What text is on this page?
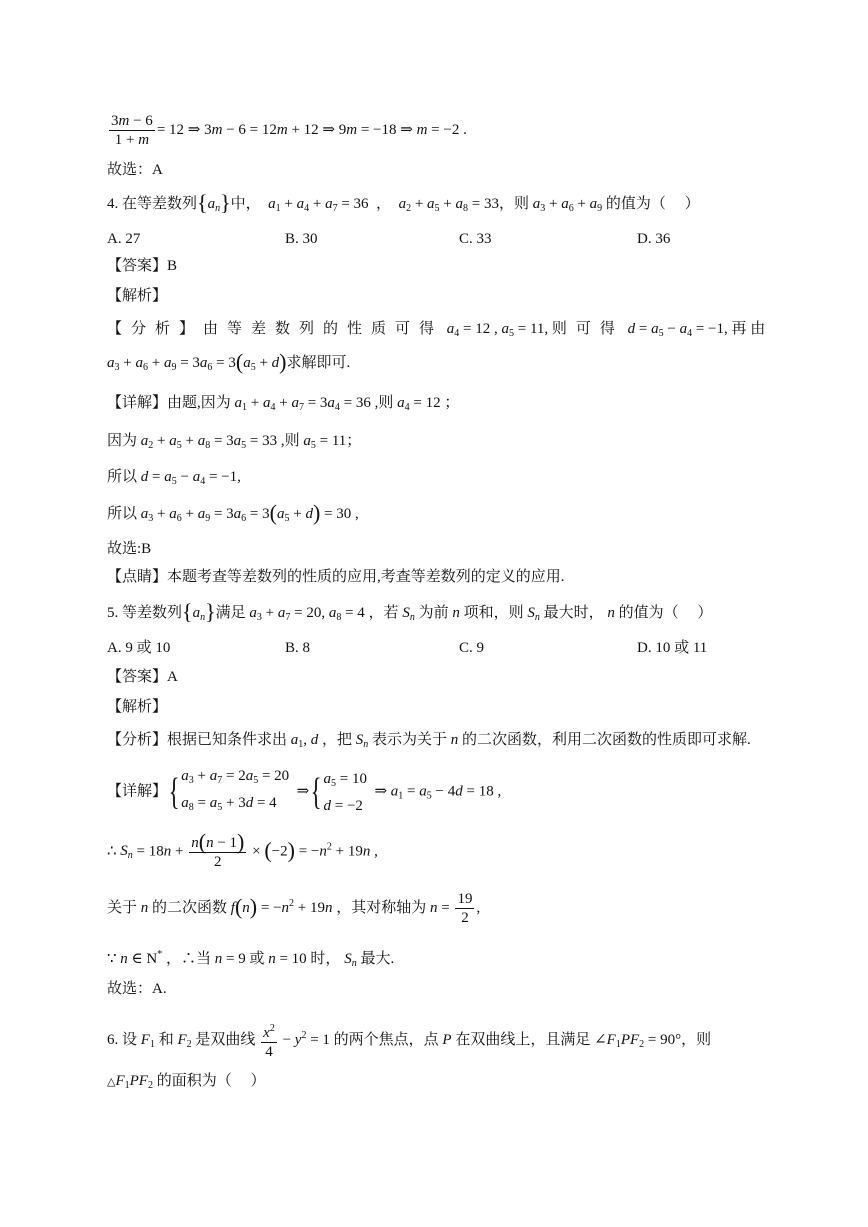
$\frac{3m - 6}{1 + m} = 12$ ⇒ 3m − 6 = 12m + 12 ⇒ 9m = −18 ⇒ m = −2 .
故选：A
4. 在等差数列$\{a_n\}$中，  $a_1 + a_4 + a_7 = 36$  ，  $a_2 + a_5 + a_8 = 33$，则 $a_3 + a_6 + a_9$ 的值为（     ）
A. 27	B. 30	C. 33	D. 36
【答案】B
【解析】
【分析】由等差数列的性质可得 $a_4 = 12$ , $a_5 = 11$, 则可得 $d = a_5 - a_4 = -1$, 再 由
$a_3 + a_6 + a_9 = 3a_6 = 3(a_5 + d)$求解即可.
【详解】由题,因为 $a_1 + a_4 + a_7 = 3a_4 = 36$ ,则 $a_4 = 12$ ；
因为 $a_2 + a_5 + a_8 = 3a_5 = 33$ ,则 $a_5 = 11$；
所以 $d = a_5 - a_4 = -1$,
所以 $a_3 + a_6 + a_9 = 3a_6 = 3(a_5 + d) = 30$ ,
故选:B
【点睛】本题考查等差数列的性质的应用,考查等差数列的定义的应用.
5. 等差数列$\{a_n\}$满足 $a_3 + a_7 = 20$, $a_8 = 4$ ，若 $S_n$ 为前 n 项和，则 $S_n$ 最大时， n 的值为（     ）
A. 9 或 10	B. 8	C. 9	D. 10 或 11
【答案】A
【解析】
【分析】根据已知条件求出 $a_1$, d ，把 $S_n$ 表示为关于 n 的二次函数，利用二次函数的性质即可求解.
【详解】{ $a_3 + a_7 = 2a_5 = 20$
$a_8 = a_5 + 3d = 4$  ⇒{ $a_5 = 10$
d = −2  ⇒ $a_1 = a_5 - 4d = 18$ ,
∴ $S_n = 18n + \frac{n(n - 1)}{2} \times (-2) = -n^2 + 19n$ ,
关于 n 的二次函数 $f(n) = -n^2 + 19n$ ，其对称轴为 $n = \frac{19}{2}$ ,
∵ n ∈ N* ，∴当 n = 9 或 n = 10 时， $S_n$ 最大.
故选：A.
6. 设 $F_1$ 和 $F_2$ 是双曲线 $\frac{x^2}{4} - y^2 = 1$ 的两个焦点，点 P 在双曲线上，且满足 $\angle F_1PF_2 = 90^\circ$，则
$\triangle F_1PF_2$ 的面积为（     ）
